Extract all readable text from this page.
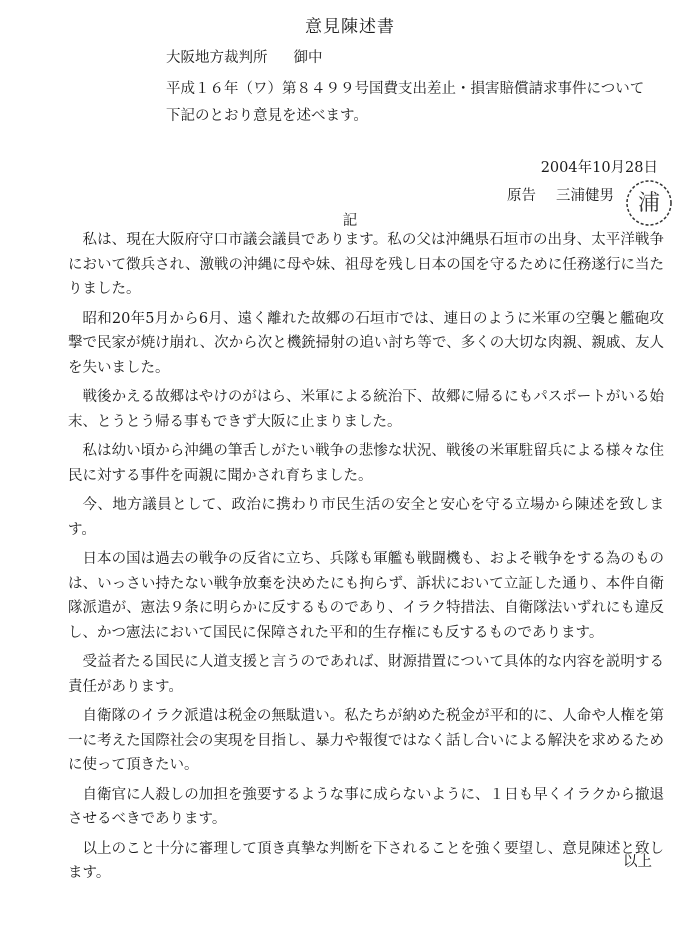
意見陳述書
大阪地方裁判所 御中
平成１６年（ワ）第８４９９号国費支出差止・損害賠償請求事件について
下記のとおり意見を述べます。
2004年10月28日
原告 三浦健男 浦
記

私は、現在大阪府守口市議会議員であります。私の父は沖縄県石垣市の出身、太平洋戦争において徴兵され、激戦の沖縄に母や妹、祖母を残し日本の国を守るために任務遂行に当たりました。

昭和20年5月から6月、遠く離れた故郷の石垣市では、連日のように米軍の空襲と艦砲攻撃で民家が焼け崩れ、次から次と機銃掃射の追い討ち等で、多くの大切な肉親、親戚、友人を失いました。

戦後かえる故郷はやけのがはら、米軍による統治下、故郷に帰るにもパスポートがいる始末、とうとう帰る事もできず大阪に止まりました。

私は幼い頃から沖縄の筆舌しがたい戦争の悲惨な状況、戦後の米軍駐留兵による様々な住民に対する事件を両親に聞かされ育ちました。

今、地方議員として、政治に携わり市民生活の安全と安心を守る立場から陳述を致します。

日本の国は過去の戦争の反省に立ち、兵隊も軍艦も戦闘機も、およそ戦争をする為のものは、いっさい持たない戦争放棄を決めたにも拘らず、訴状において立証した通り、本件自衛隊派遣が、憲法９条に明らかに反するものであり、イラク特措法、自衛隊法いずれにも違反し、かつ憲法において国民に保障された平和的生存権にも反するものであります。

受益者たる国民に人道支援と言うのであれば、財源措置について具体的な内容を説明する責任があります。

自衛隊のイラク派遣は税金の無駄遣い。私たちが納めた税金が平和的に、人命や人権を第一に考えた国際社会の実現を目指し、暴力や報復ではなく話し合いによる解決を求めるために使って頂きたい。

自衛官に人殺しの加担を強要するような事に成らないように、１日も早くイラクから撤退させるべきであります。

以上のこと十分に審理して頂き真摯な判断を下されることを強く要望し、意見陳述と致します。

以上
